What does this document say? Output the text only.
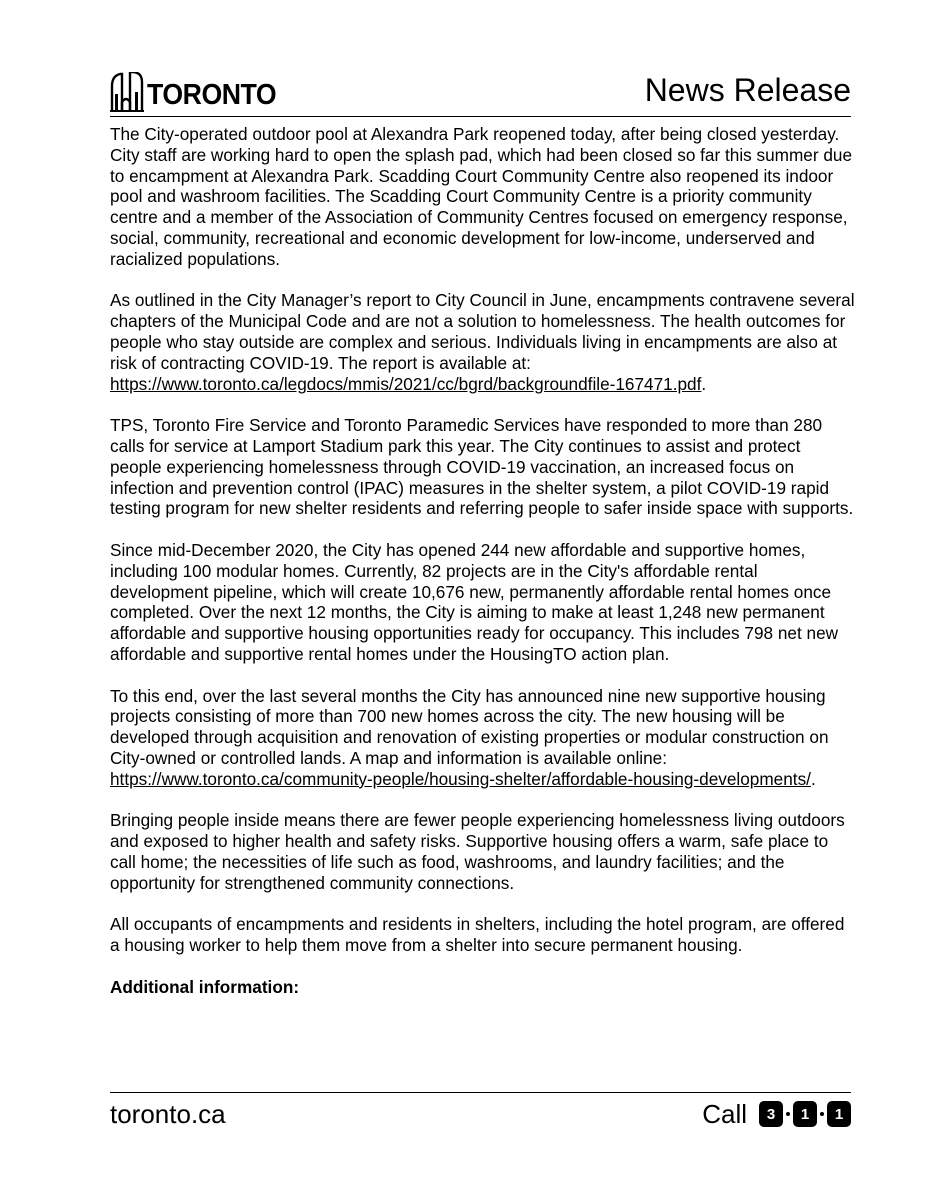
TORONTO	News Release

The City-operated outdoor pool at Alexandra Park reopened today, after being closed yesterday. City staff are working hard to open the splash pad, which had been closed so far this summer due to encampment at Alexandra Park. Scadding Court Community Centre also reopened its indoor pool and washroom facilities. The Scadding Court Community Centre is a priority community centre and a member of the Association of Community Centres focused on emergency response, social, community, recreational and economic development for low-income, underserved and racialized populations.

As outlined in the City Manager’s report to City Council in June, encampments contravene several chapters of the Municipal Code and are not a solution to homelessness. The health outcomes for people who stay outside are complex and serious. Individuals living in encampments are also at risk of contracting COVID-19. The report is available at: https://www.toronto.ca/legdocs/mmis/2021/cc/bgrd/backgroundfile-167471.pdf.

TPS, Toronto Fire Service and Toronto Paramedic Services have responded to more than 280 calls for service at Lamport Stadium park this year. The City continues to assist and protect people experiencing homelessness through COVID-19 vaccination, an increased focus on infection and prevention control (IPAC) measures in the shelter system, a pilot COVID-19 rapid testing program for new shelter residents and referring people to safer inside space with supports.

Since mid-December 2020, the City has opened 244 new affordable and supportive homes, including 100 modular homes. Currently, 82 projects are in the City's affordable rental development pipeline, which will create 10,676 new, permanently affordable rental homes once completed. Over the next 12 months, the City is aiming to make at least 1,248 new permanent affordable and supportive housing opportunities ready for occupancy. This includes 798 net new affordable and supportive rental homes under the HousingTO action plan.

To this end, over the last several months the City has announced nine new supportive housing projects consisting of more than 700 new homes across the city. The new housing will be developed through acquisition and renovation of existing properties or modular construction on City-owned or controlled lands. A map and information is available online: https://www.toronto.ca/community-people/housing-shelter/affordable-housing-developments/.

Bringing people inside means there are fewer people experiencing homelessness living outdoors and exposed to higher health and safety risks. Supportive housing offers a warm, safe place to call home; the necessities of life such as food, washrooms, and laundry facilities; and the opportunity for strengthened community connections.

All occupants of encampments and residents in shelters, including the hotel program, are offered a housing worker to help them move from a shelter into secure permanent housing.

Additional information:

toronto.ca	Call	3	1	1
